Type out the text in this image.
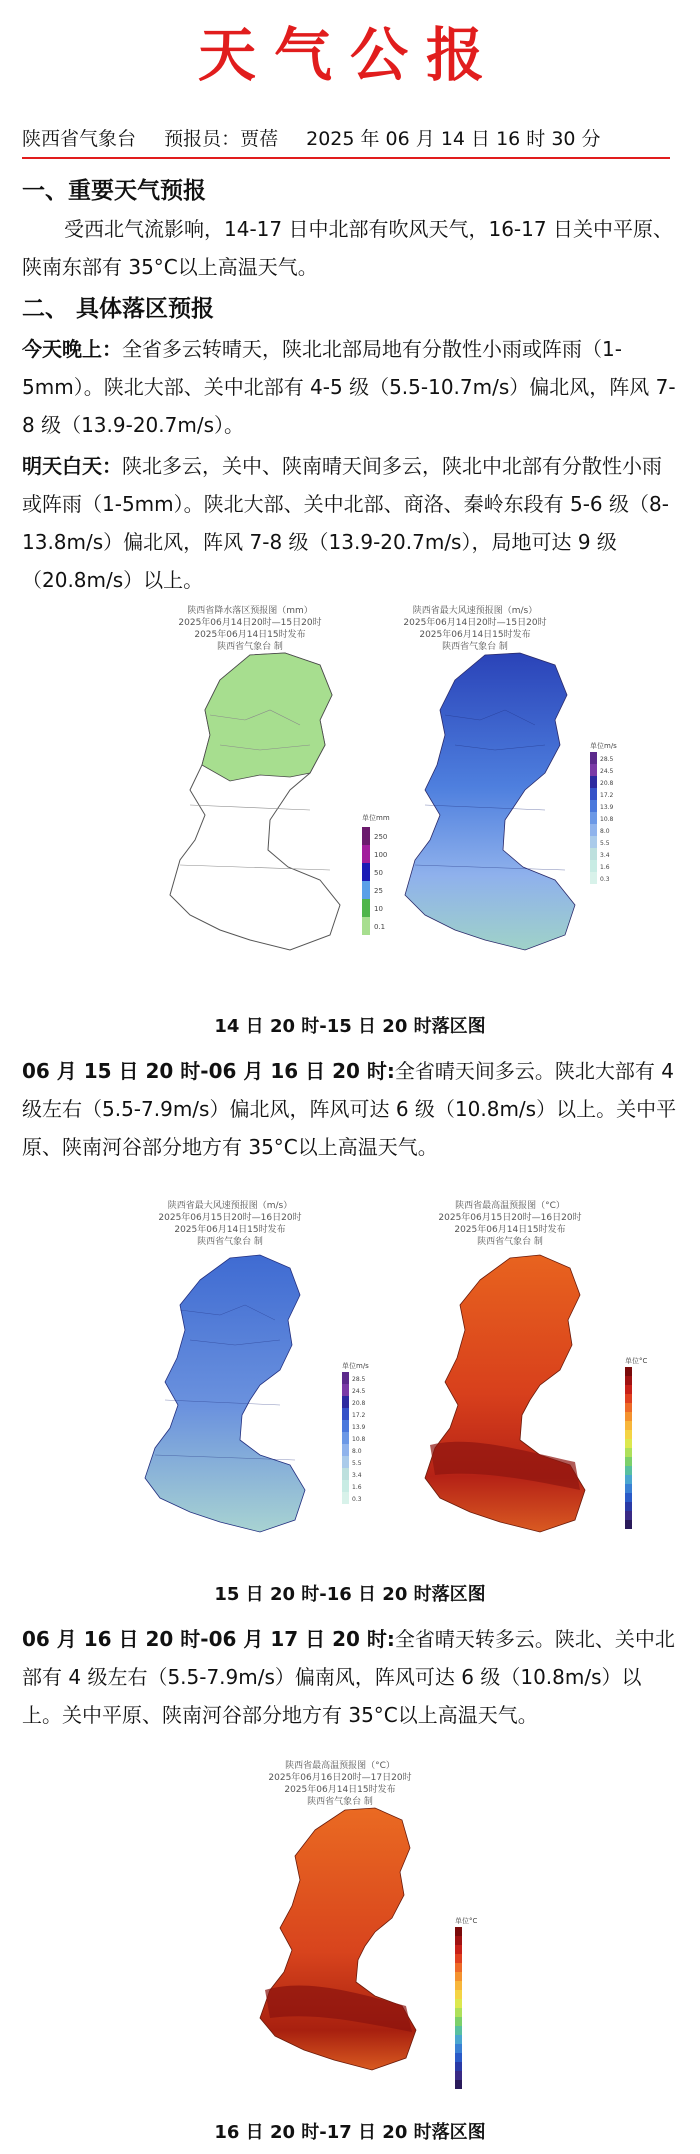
天气公报
陕西省气象台 预报员：贾蓓 2025 年 06 月 14 日 16 时 30 分
一、重要天气预报
受西北气流影响，14-17 日中北部有吹风天气，16-17 日关中平原、陕南东部有 35°C以上高温天气。
二、 具体落区预报
今天晚上：全省多云转晴天，陕北北部局地有分散性小雨或阵雨（1-5mm）。陕北大部、关中北部有 4-5 级（5.5-10.7m/s）偏北风，阵风 7-8 级（13.9-20.7m/s）。
明天白天：陕北多云，关中、陕南晴天间多云，陕北中北部有分散性小雨或阵雨（1-5mm）。陕北大部、关中北部、商洛、秦岭东段有 5-6 级（8-13.8m/s）偏北风，阵风 7-8 级（13.9-20.7m/s），局地可达 9 级（20.8m/s）以上。
陕西省降水落区预报图（mm）
2025年06月14日20时—15日20时
2025年06月14日15时发布
陕西省气象台 制
单位mm
250
100
50
25
10
0.1
陕西省最大风速预报图（m/s）
2025年06月14日20时—15日20时
2025年06月14日15时发布
陕西省气象台 制
单位m/s
28.5
24.5
20.8
17.2
13.9
10.8
8.0
5.5
3.4
1.6
0.3
14 日 20 时-15 日 20 时落区图
06 月 15 日 20 时-06 月 16 日 20 时:全省晴天间多云。陕北大部有 4 级左右（5.5-7.9m/s）偏北风，阵风可达 6 级（10.8m/s）以上。关中平原、陕南河谷部分地方有 35°C以上高温天气。
陕西省最大风速预报图（m/s）
2025年06月15日20时—16日20时
2025年06月14日15时发布
陕西省气象台 制
单位m/s
28.5
24.5
20.8
17.2
13.9
10.8
8.0
5.5
3.4
1.6
0.3
陕西省最高温预报图（°C）
2025年06月15日20时—16日20时
2025年06月14日15时发布
陕西省气象台 制
单位°C
15 日 20 时-16 日 20 时落区图
06 月 16 日 20 时-06 月 17 日 20 时:全省晴天转多云。陕北、关中北部有 4 级左右（5.5-7.9m/s）偏南风，阵风可达 6 级（10.8m/s）以上。关中平原、陕南河谷部分地方有 35°C以上高温天气。
陕西省最高温预报图（°C）
2025年06月16日20时—17日20时
2025年06月14日15时发布
陕西省气象台 制
单位°C
16 日 20 时-17 日 20 时落区图
